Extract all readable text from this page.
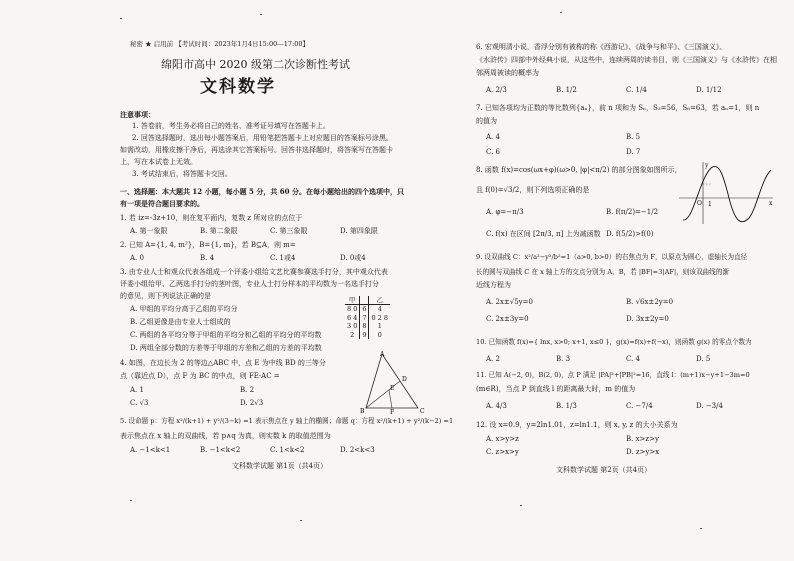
秘密 ★ 启用前 【考试时间：2023年1月4日15:00—17:00】
绵阳市高中 2020 级第二次诊断性考试
文科数学
注意事项：
1. 答卷前，考生务必将自己的姓名、准考证号填写在答题卡上。
2. 回答选择题时，选出每小题答案后，用铅笔把答题卡上对应题目的答案标号涂黑。
如需改动，用橡皮擦干净后，再选涂其它答案标号。回答非选择题时，将答案写在答题卡
上，写在本试卷上无效。
3. 考试结束后，将答题卡交回。
一、选择题：本大题共 12 小题，每小题 5 分，共 60 分。在每小题给出的四个选项中，只
有一项是符合题目要求的。
1. 若 iz=-3z+10，则在复平面内，复数 z 所对应的点位于
A. 第一象限	B. 第二象限	C. 第三象限	D. 第四象限
2. 已知 A={1, 4, m²}，B={1, m}，若 B⊆A，则 m=
A. 0	B. 4	C. 1或4	D. 0或4
3. 由专业人士和观众代表各组成一个评委小组给文艺比赛参赛选手打分，其中观众代表
评委小组给甲、乙两选手打分的茎叶图，专业人士打分样本的平均数为一名选手打分
的意见，则下列说法正确的是
A. 甲组的平均分高于乙组的平均分
B. 乙组更像是由专业人士组成的
C. 两组的各平均分等于甲组的平均分和乙组的平均分的平均数
D. 两组全部分数的方差等于甲组的方差和乙组的方差的平均数
甲		乙
8 0	6	4
6 4	7	0 2 8
3 0	8	1
2	9	0
4. 如图，在边长为 2 的等边△ABC 中，点 E 为中线 BD 的三等分
点（靠近点 D），点 F 为 BC 的中点，则 FE·AC =
A. 1	B. 2
C. √3	D. 2√3
A
B	C
D
E
F
5. 设命题 p：方程 x²/(k+1) + y²/(3−k) =1 表示焦点在 y 轴上的椭圆；命题 q：方程 x²/(k+1) + y²/(k−2) =1
表示焦点在 x 轴上的双曲线，若 p∧q 为真，则实数 k 的取值范围为
A. −1<k<1	B. −1<k<2	C. 1<k<2	D. 2<k<3
文科数学试题 第1页（共4页）
6. 宏观明清小说，香浮分别有被称的称《西游记》、《战争与和平》、《三国演义》、
《水浒传》四部中外经典小说，从这些中，连续两周的读书目，则《三国演义》与《水浒传》在相
邻两周被读的概率为
A. 2/3	B. 1/2	C. 1/4	D. 1/12
7. 已知各项均为正数的等比数列{aₙ}，前 n 项和为 Sₙ，S₃=56，S₆=63，若 aₙ=1，则 n
的值为
A. 4	B. 5
C. 6	D. 7
8. 函数 f(x)=cos(ωx+φ)(ω>0, |φ|<π/2) 的部分图象如图所示，
且 f(0)=√3/2，则下列选项正确的是
A. φ=−π/3	B. f(π/2)=−1/2
C. f(x) 在区间 [2π/3, π] 上为减函数 D. f(5/2)>f(0)
y
O	x
1
9. 设双曲线 C：x²/a²−y²/b²=1（a>0, b>0）的右焦点为 F，以原点为圆心，虚轴长为直径
长的圆与双曲线 C 在 x 轴上方的交点分别为 A、B，若 |BF|=3|AF|，则该双曲线的渐
近线方程为
A. 2x±√5y=0	B. √6x±2y=0
C. 2x±3y=0	D. 3x±2y=0
10. 已知函数 f(x)={ lnx, x>0; x+1, x≤0 }，g(x)=f(x)+f(−x)，则函数 g(x) 的零点个数为
A. 2	B. 3	C. 4	D. 5
11. 已知 A(−2, 0)，B(2, 0)，点 P 满足 |PA|²+|PB|²=16，直线 l：(m+1)x−y+1−3m=0
(m∈R)，当点 P 到直线 l 的距离最大时，m 的值为
A. 4/3	B. 1/3	C. −7/4	D. −3/4
12. 设 x=0.9，y=2ln1.01，z=ln1.1，则 x, y, z 的大小关系为
A. x>y>z	B. x>z>y
C. z>x>y	D. z>y>x
文科数学试题 第2页（共4页）
